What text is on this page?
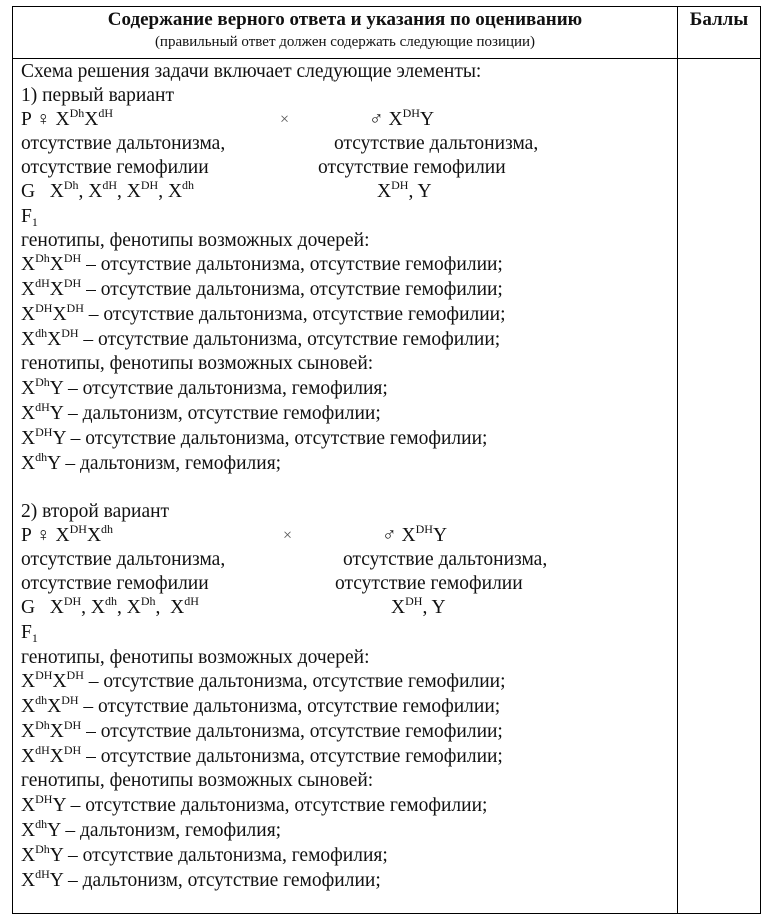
Содержание верного ответа и указания по оцениванию
(правильный ответ должен содержать следующие позиции)
Баллы
Схема решения задачи включает следующие элементы:
1) первый вариант
P ♀ $X^{Dh}X^{dH}$	×	♂ $X^{DH}Y$
отсутствие дальтонизма,	отсутствие дальтонизма,
отсутствие гемофилии	отсутствие гемофилии
G $X^{Dh}$, $X^{dH}$, $X^{DH}$, $X^{dh}$	$X^{DH}$, Y
$F_1$
генотипы, фенотипы возможных дочерей:
$X^{Dh}X^{DH}$ – отсутствие дальтонизма, отсутствие гемофилии;
$X^{dH}X^{DH}$ – отсутствие дальтонизма, отсутствие гемофилии;
$X^{DH}X^{DH}$ – отсутствие дальтонизма, отсутствие гемофилии;
$X^{dh}X^{DH}$ – отсутствие дальтонизма, отсутствие гемофилии;
генотипы, фенотипы возможных сыновей:
$X^{Dh}Y$ – отсутствие дальтонизма, гемофилия;
$X^{dH}Y$ – дальтонизм, отсутствие гемофилии;
$X^{DH}Y$ – отсутствие дальтонизма, отсутствие гемофилии;
$X^{dh}Y$ – дальтонизм, гемофилия;
2) второй вариант
P ♀ $X^{DH}X^{dh}$	×	♂ $X^{DH}Y$
отсутствие дальтонизма,	отсутствие дальтонизма,
отсутствие гемофилии	отсутствие гемофилии
G $X^{DH}$, $X^{dh}$, $X^{Dh}$,  $X^{dH}$	$X^{DH}$, Y
$F_1$
генотипы, фенотипы возможных дочерей:
$X^{DH}X^{DH}$ – отсутствие дальтонизма, отсутствие гемофилии;
$X^{dh}X^{DH}$ – отсутствие дальтонизма, отсутствие гемофилии;
$X^{Dh}X^{DH}$ – отсутствие дальтонизма, отсутствие гемофилии;
$X^{dH}X^{DH}$ – отсутствие дальтонизма, отсутствие гемофилии;
генотипы, фенотипы возможных сыновей:
$X^{DH}Y$ – отсутствие дальтонизма, отсутствие гемофилии;
$X^{dh}Y$ – дальтонизм, гемофилия;
$X^{Dh}Y$ – отсутствие дальтонизма, гемофилия;
$X^{dH}Y$ – дальтонизм, отсутствие гемофилии;
